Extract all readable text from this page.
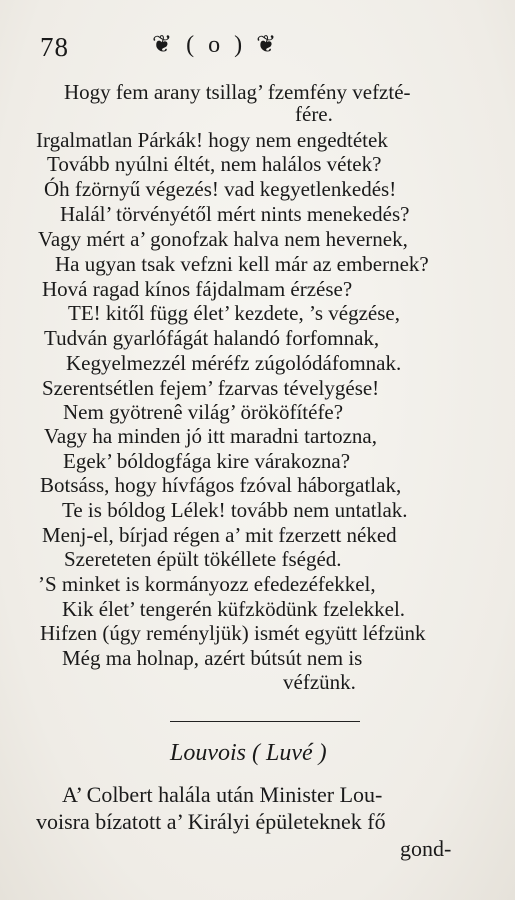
78	❦ ( o ) ❦
Hogy fem arany tsillag’ fzemfény vefzté-
fére.
Irgalmatlan Párkák! hogy nem engedtétek
Tovább nyúlni éltét, nem halálos vétek?
Óh fzörnyű végezés! vad kegyetlenkedés!
Halál’ törvényétől mért nints menekedés?
Vagy mért a’ gonofzak halva nem hevernek,
Ha ugyan tsak vefzni kell már az embernek?
Hová ragad kínos fájdalmam érzése?
TE! kitől függ élet’ kezdete, ’s végzése,
Tudván gyarlófágát halandó forfomnak,
Kegyelmezzél méréfz zúgolódáfomnak.
Szerentsétlen fejem’ fzarvas tévelygése!
Nem gyötrenê világ’ örököfítéfe?
Vagy ha minden jó itt maradni tartozna,
Egek’ bóldogfága kire várakozna?
Botsáss, hogy hívfágos fzóval háborgatlak,
Te is bóldog Lélek! tovább nem untatlak.
Menj-el, bírjad régen a’ mit fzerzett néked
Szereteten épült tökéllete fségéd.
’S minket is kormányozz efedezéfekkel,
Kik élet’ tengerén küfzködünk fzelekkel.
Hifzen (úgy reményljük) ismét együtt léfzünk
Még ma holnap, azért bútsút nem is
véfzünk.
Louvois ( Luvé )
A’ Colbert halála után Minister Lou-
voisra bízatott a’ Királyi épületeknek fő
gond-
